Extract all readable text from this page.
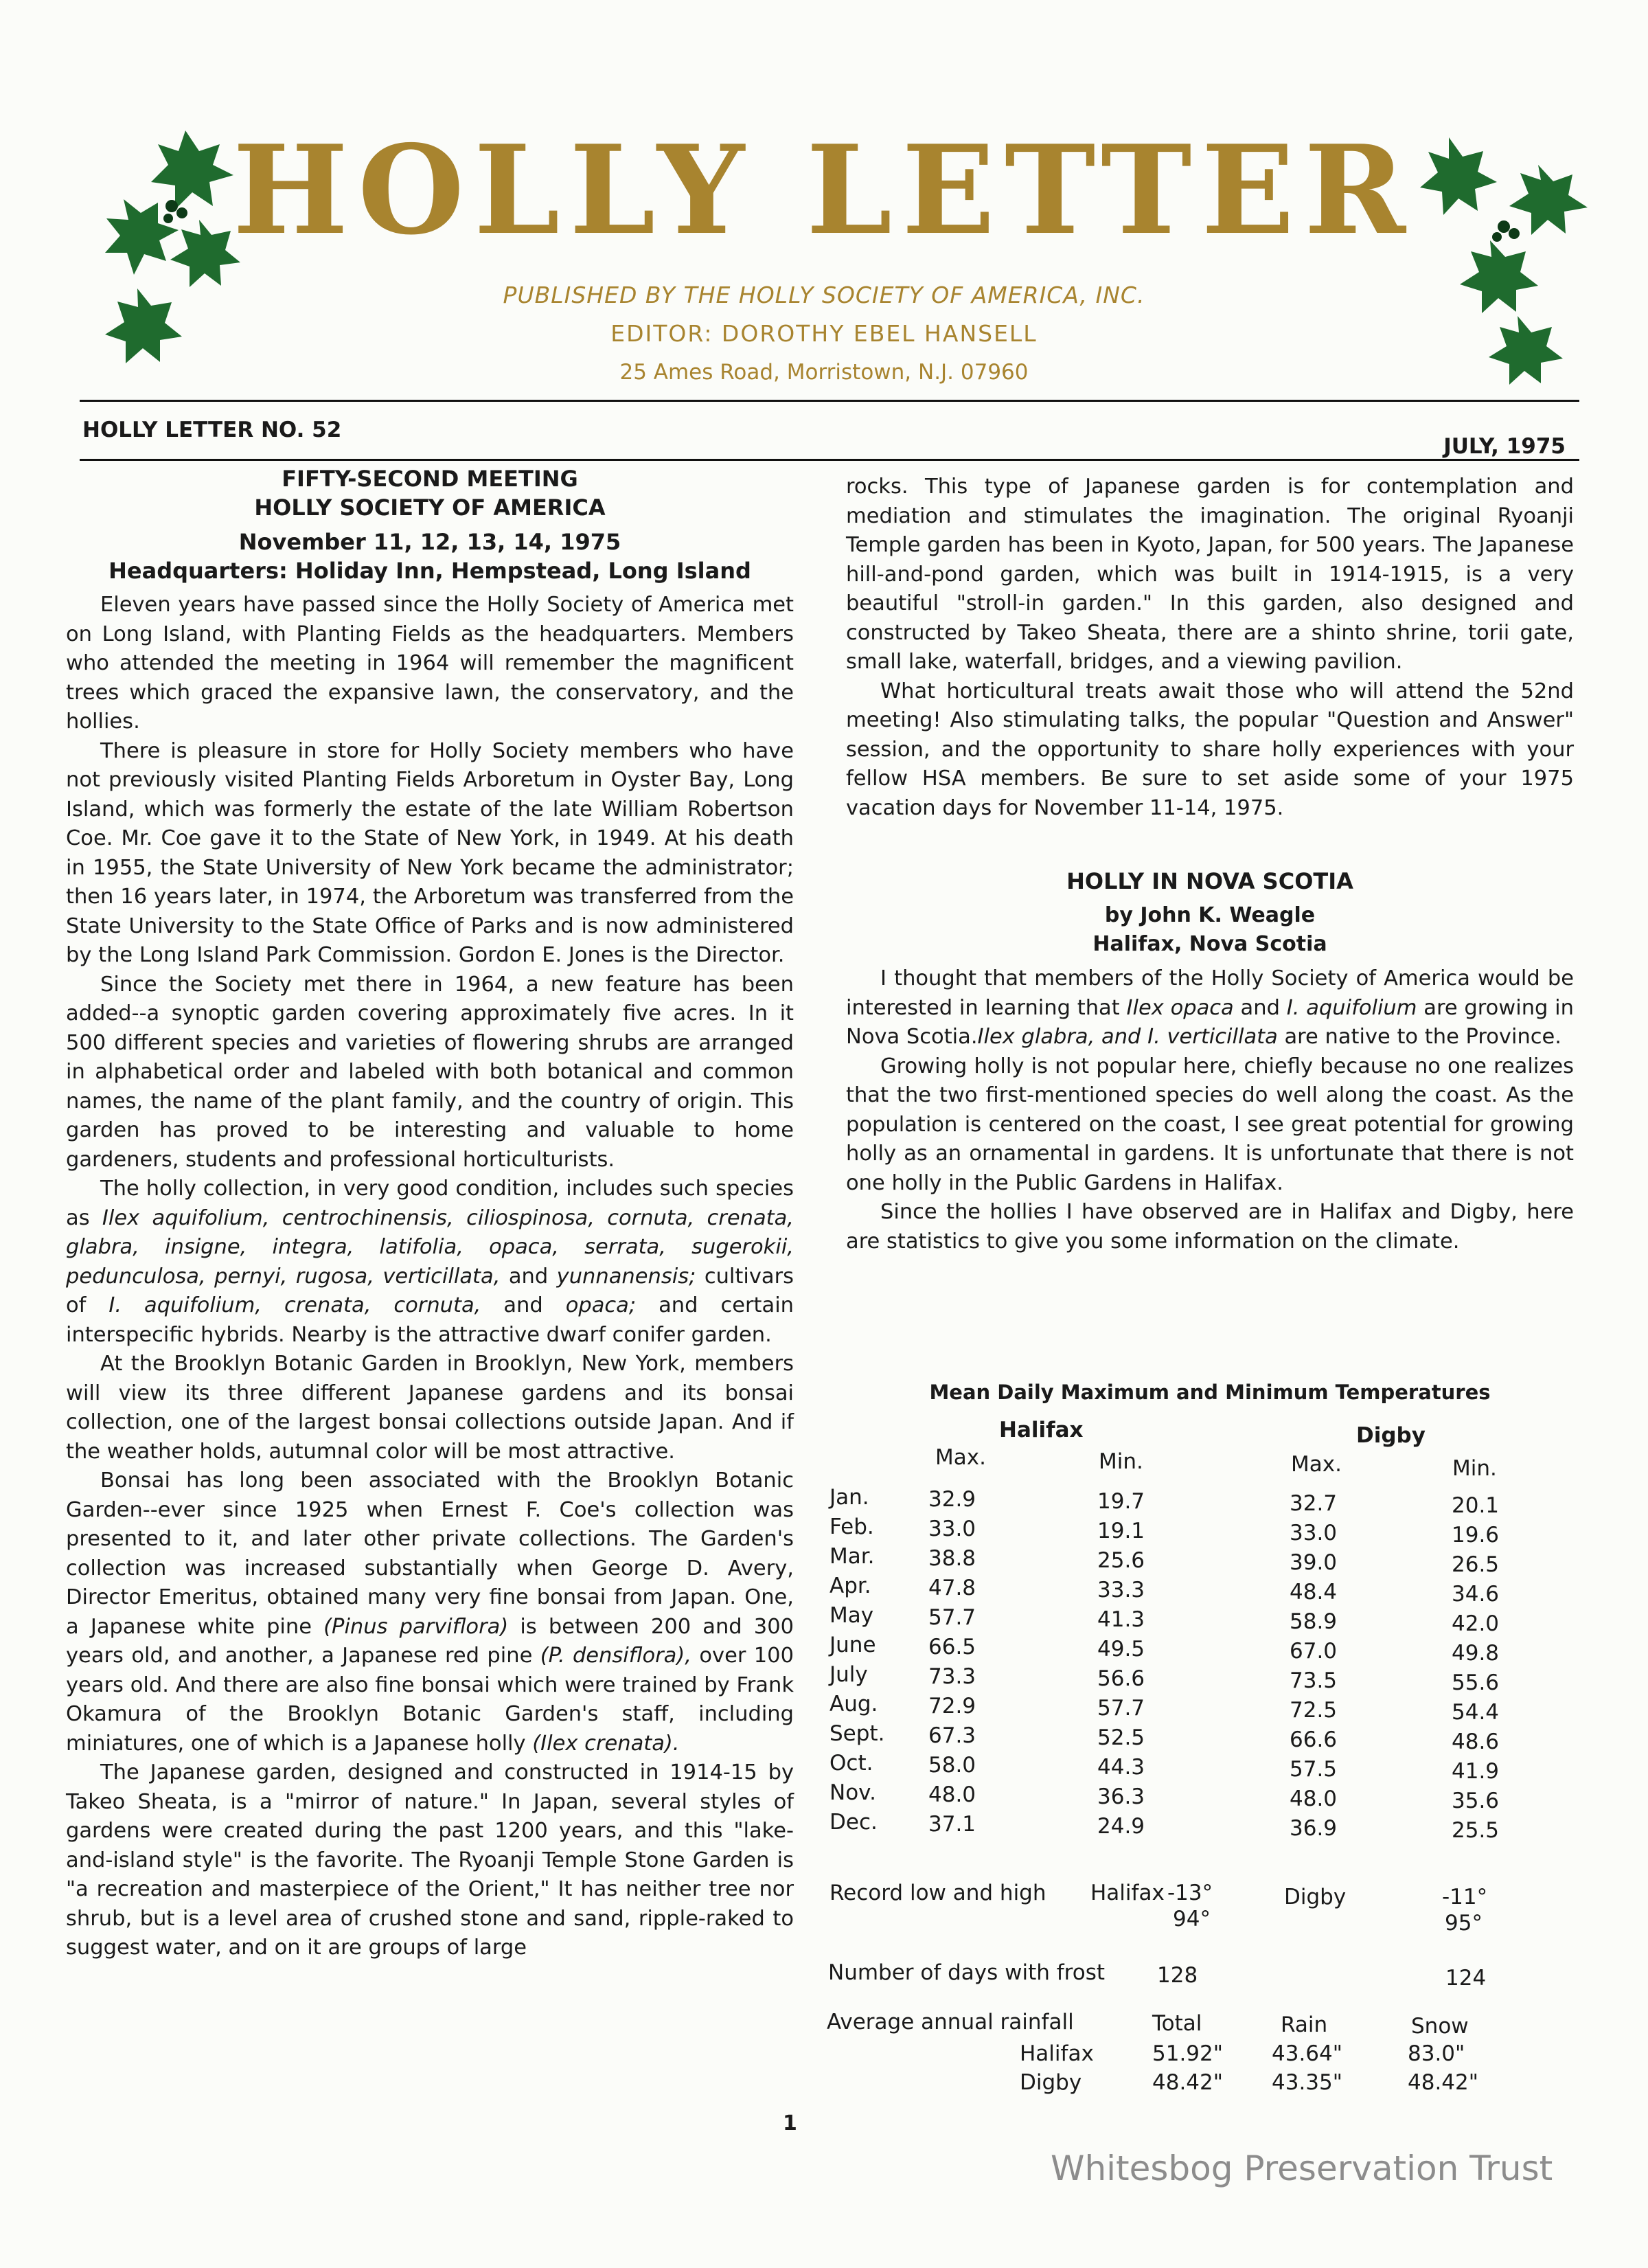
HOLLY LETTER
PUBLISHED BY THE HOLLY SOCIETY OF AMERICA, INC.
EDITOR: DOROTHY EBEL HANSELL
25 Ames Road, Morristown, N.J. 07960
HOLLY LETTER NO. 52
JULY, 1975

FIFTY-SECOND MEETING

HOLLY SOCIETY OF AMERICA

November 11, 12, 13, 14, 1975

Headquarters: Holiday Inn, Hempstead, Long Island

Eleven years have passed since the Holly Society of America met on Long Island, with Planting Fields as the headquarters. Members who attended the meeting in 1964 will remember the magnificent trees which graced the expansive lawn, the conservatory, and the hollies.

There is pleasure in store for Holly Society members who have not previously visited Planting Fields Arboretum in Oyster Bay, Long Island, which was formerly the estate of the late William Robertson Coe. Mr. Coe gave it to the State of New York, in 1949. At his death in 1955, the State University of New York became the administrator; then 16 years later, in 1974, the Arboretum was transferred from the State University to the State Office of Parks and is now administered by the Long Island Park Commission. Gordon E. Jones is the Director.

Since the Society met there in 1964, a new feature has been added--a synoptic garden covering approximately five acres. In it 500 different species and varieties of flowering shrubs are arranged in alphabetical order and labeled with both botanical and common names, the name of the plant family, and the country of origin. This garden has proved to be interesting and valuable to home gardeners, students and professional horticulturists.

The holly collection, in very good condition, includes such species as Ilex aquifolium, centrochinensis, ciliospinosa, cornuta, crenata, glabra, insigne, integra, latifolia, opaca, serrata, sugerokii, pedunculosa, pernyi, rugosa, verticillata, and yunnanensis; cultivars of I. aquifolium, crenata, cornuta, and opaca; and certain interspecific hybrids. Nearby is the attractive dwarf conifer garden.

At the Brooklyn Botanic Garden in Brooklyn, New York, members will view its three different Japanese gardens and its bonsai collection, one of the largest bonsai collections outside Japan. And if the weather holds, autumnal color will be most attractive.

Bonsai has long been associated with the Brooklyn Botanic Garden--ever since 1925 when Ernest F. Coe's collection was presented to it, and later other private collections. The Garden's collection was increased substantially when George D. Avery, Director Emeritus, obtained many very fine bonsai from Japan. One, a Japanese white pine (Pinus parviflora) is between 200 and 300 years old, and another, a Japanese red pine (P. densiflora), over 100 years old. And there are also fine bonsai which were trained by Frank Okamura of the Brooklyn Botanic Garden's staff, including miniatures, one of which is a Japanese holly (Ilex crenata).

The Japanese garden, designed and constructed in 1914-15 by Takeo Sheata, is a "mirror of nature." In Japan, several styles of gardens were created during the past 1200 years, and this "lake-and-island style" is the favorite. The Ryoanji Temple Stone Garden is "a recreation and masterpiece of the Orient," It has neither tree nor shrub, but is a level area of crushed stone and sand, ripple-raked to suggest water, and on it are groups of large

rocks. This type of Japanese garden is for contemplation and mediation and stimulates the imagination. The original Ryoanji Temple garden has been in Kyoto, Japan, for 500 years. The Japanese hill-and-pond garden, which was built in 1914-1915, is a very beautiful "stroll-in garden." In this garden, also designed and constructed by Takeo Sheata, there are a shinto shrine, torii gate, small lake, waterfall, bridges, and a viewing pavilion.

What horticultural treats await those who will attend the 52nd meeting! Also stimulating talks, the popular "Question and Answer" session, and the opportunity to share holly experiences with your fellow HSA members. Be sure to set aside some of your 1975 vacation days for November 11-14, 1975.

HOLLY IN NOVA SCOTIA

by John K. Weagle

Halifax, Nova Scotia

I thought that members of the Holly Society of America would be interested in learning that Ilex opaca and I. aquifolium are growing in Nova Scotia.Ilex glabra, and I. verticillata are native to the Province.

Growing holly is not popular here, chiefly because no one realizes that the two first-mentioned species do well along the coast. As the population is centered on the coast, I see great potential for growing holly as an ornamental in gardens. It is unfortunate that there is not one holly in the Public Gardens in Halifax.

Since the hollies I have observed are in Halifax and Digby, here are statistics to give you some information on the climate.

Mean Daily Maximum and Minimum Temperatures
Halifax	Digby
Max.	Min.	Max.	Min.
Record low and high Halifax -13°
94°
Digby	-11°
95°
Number of days with frost 128	124
Average annual rainfall	Total	Rain	Snow
Jan.	32.9	19.7	32.7	20.1
Feb.	33.0	19.1	33.0	19.6
Mar.	38.8	25.6	39.0	26.5
Apr.	47.8	33.3	48.4	34.6
May	57.7	41.3	58.9	42.0
June 66.5	49.5	67.0	49.8
July	73.3	56.6	73.5	55.6
Aug. 72.9	57.7	72.5	54.4
Sept. 67.3	52.5	66.6	48.6
Oct.	58.0	44.3	57.5	41.9
Nov. 48.0	36.3	48.0	35.6
Dec. 37.1	24.9	36.9	25.5
Halifax	51.92" 43.64"	83.0"
Digby	48.42" 43.35"	48.42"
1
Whitesbog Preservation Trust
